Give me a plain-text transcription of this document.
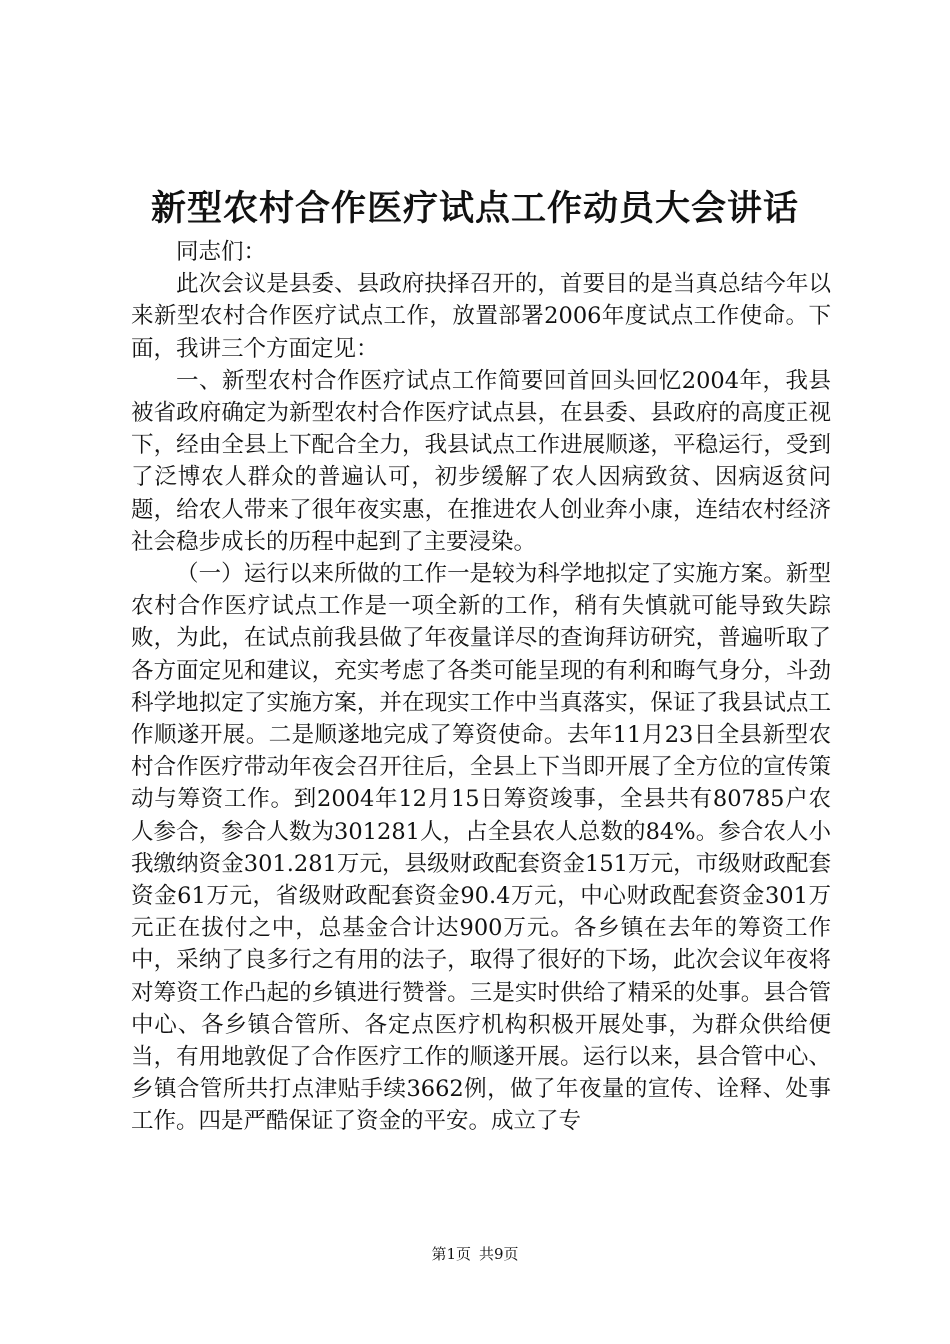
新型农村合作医疗试点工作动员大会讲话

同志们：

此次会议是县委、县政府抉择召开的，首要目的是当真总结今年以来新型农村合作医疗试点工作，放置部署2006年度试点工作使命。下面，我讲三个方面定见：

一、新型农村合作医疗试点工作简要回首回头回忆2004年，我县被省政府确定为新型农村合作医疗试点县，在县委、县政府的高度正视下，经由全县上下配合全力，我县试点工作进展顺遂，平稳运行，受到了泛博农人群众的普遍认可，初步缓解了农人因病致贫、因病返贫问题，给农人带来了很年夜实惠，在推进农人创业奔小康，连结农村经济社会稳步成长的历程中起到了主要浸染。

（一）运行以来所做的工作一是较为科学地拟定了实施方案。新型农村合作医疗试点工作是一项全新的工作，稍有失慎就可能导致失踪败，为此，在试点前我县做了年夜量详尽的查询拜访研究，普遍听取了各方面定见和建议，充实考虑了各类可能呈现的有利和晦气身分，斗劲科学地拟定了实施方案，并在现实工作中当真落实，保证了我县试点工作顺遂开展。二是顺遂地完成了筹资使命。去年11月23日全县新型农村合作医疗带动年夜会召开往后，全县上下当即开展了全方位的宣传策动与筹资工作。到2004年12月15日筹资竣事，全县共有80785户农人参合，参合人数为301281人，占全县农人总数的84%。参合农人小我缴纳资金301.281万元，县级财政配套资金151万元，市级财政配套资金61万元，省级财政配套资金90.4万元，中心财政配套资金301万元正在拔付之中，总基金合计达900万元。各乡镇在去年的筹资工作中，采纳了良多行之有用的法子，取得了很好的下场，此次会议年夜将对筹资工作凸起的乡镇进行赞誉。三是实时供给了精采的处事。县合管中心、各乡镇合管所、各定点医疗机构积极开展处事，为群众供给便当，有用地敦促了合作医疗工作的顺遂开展。运行以来，县合管中心、乡镇合管所共打点津贴手续3662例，做了年夜量的宣传、诠释、处事工作。四是严酷保证了资金的平安。成立了专

第1页 共9页
